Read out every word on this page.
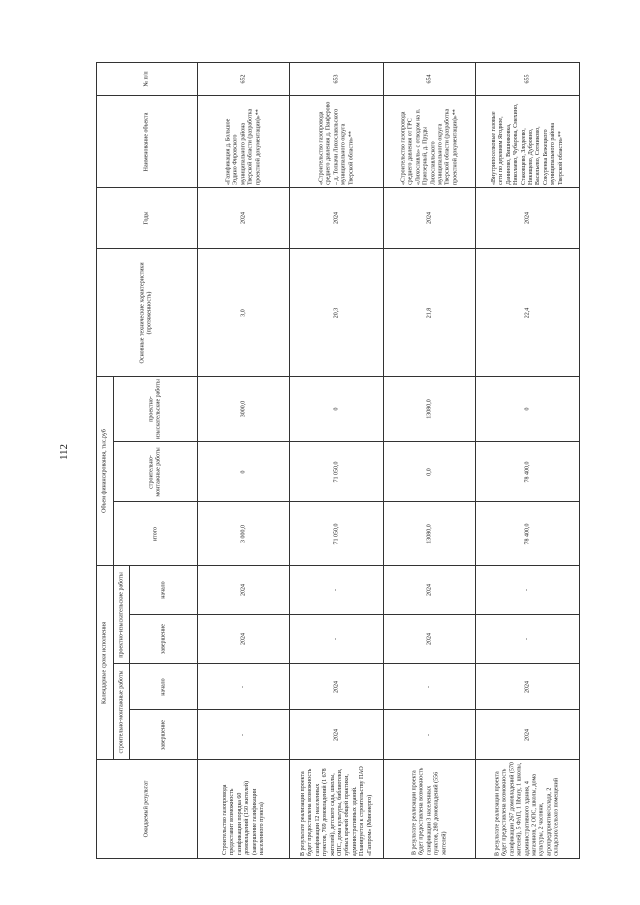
112
№ п/п
Наименование объекта
Годы
Основные технические характеристики (протяженность)
Объем финансирования, тыс.руб
проектно-изыскательские работы
строительно-монтажные работы
итого
Календарные сроки исполнения
проектно-изыскательские работы
строительно-монтажные работы
начало
завершение
начало
завершение
Ожидаемый результат
652
«Газификация д. Большое Эздино Фировского муниципального района Тверской области (разработка проектной документации)»**
2024
3,0
3000,0
0
3 000,0
2024
2024
-
-
Строительство газопровода предоставит возможность газификации порядка 60 домовладений (150 жителей) (завершение газификации населенного пункта)
653
«Строительство газопровода среднего давления д. Панферово – д. Толкачи Лихославльского муниципального округа Тверской области»**
2024
20,3
0
71 050,0
71 050,0
-
-
2024
2024
В результате реализации проекта будет предоставлена возможность газификации 12 населенных пунктов, 769 домовладений (1 678 жителей), детского сада, школы, ОПС, дома культуры, библиотеки, зубных врачей общей практики, административных зданий. Планируется к строительству ПАО «Газпром» (Минэнерго)
654
«Строительство газопровода среднего давления от ГРС «Лихославль» с отводом на п. Приозерный, д. Пруды Лихославльского муниципального округа Тверской области (разработка проектной документации)»**
2024
21,8
13080,0
0,0
13080,0
2024
2024
-
-
В результате реализации проекта будет предоставлена возможность газификации 3 населенных пунктов, 280 домовладений (556 жителей)
655
«Внутрипоселковые газовые сети по деревням Ягодное, Даниново, Вишняковка, Николаево, Чубарова, Смехино, Стаковцево, Злодеево, Никищево, Дубровно, Васильево, Сотниково, Сокуренка Бежецкого муниципального района Тверской области»**
2024
22,4
0
78 400,0
78 400,0
-
-
2024
2024
В результате реализации проекта будет предоставлена возможность газификации 267 домовладений (570 жителей), 5 ФАП, 1 library, 1 школы, административного здания, 4 магазинов, 2 ОПС, школы, дома культуры, 2 часовни, агропредприятия/склада, 2 складских/сельхоз помещений
